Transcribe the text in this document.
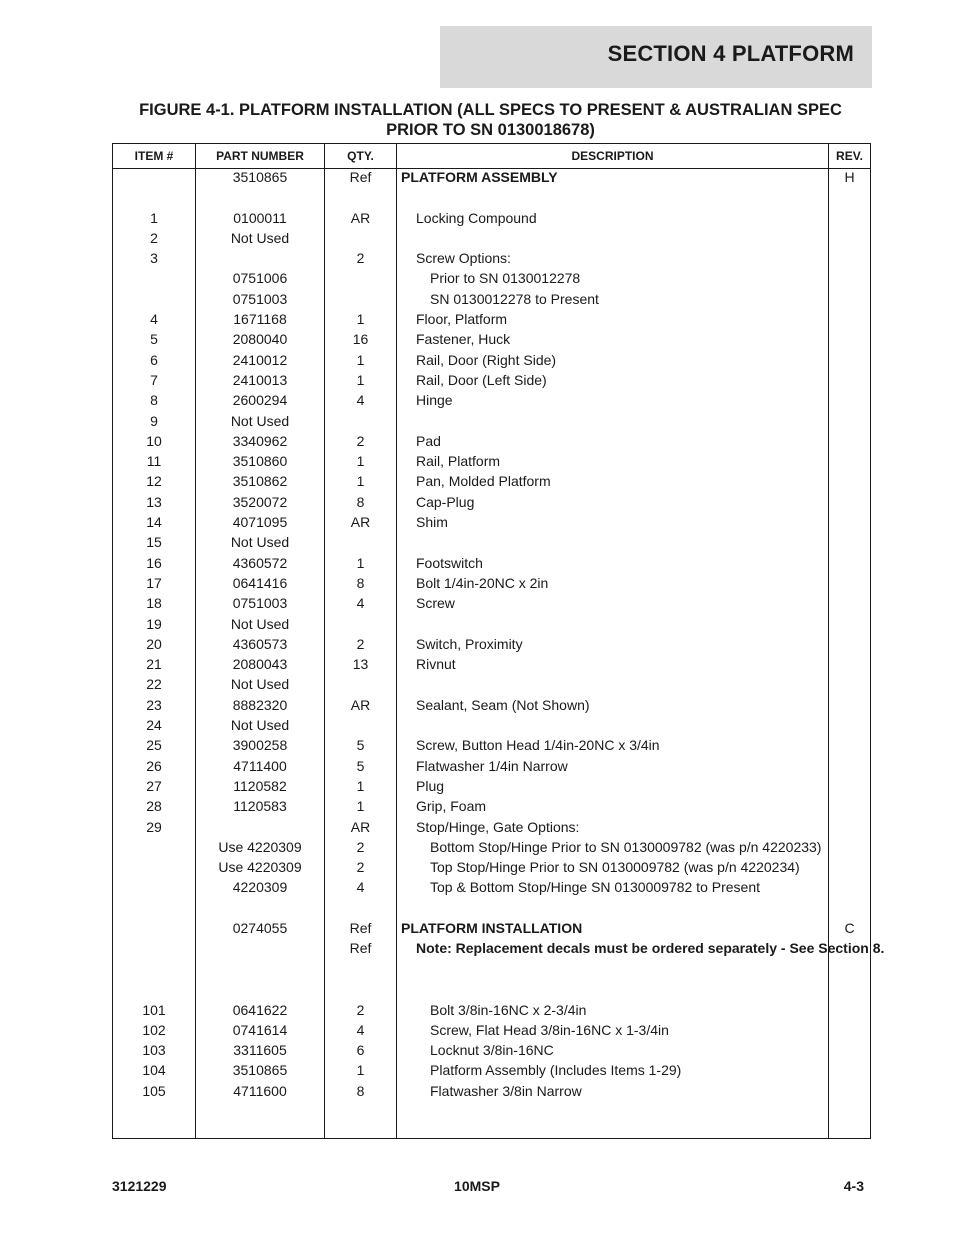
SECTION 4 PLATFORM
FIGURE 4-1. PLATFORM INSTALLATION (ALL SPECS TO PRESENT & AUSTRALIAN SPEC PRIOR TO SN 0130018678)
ITEM #	PART NUMBER	QTY.	DESCRIPTION	REV.
	3510865	Ref	PLATFORM ASSEMBLY	H

1	0100011	AR	Locking Compound	
2	Not Used			
3		2	Screw Options:	
	0751006		Prior to SN 0130012278	
	0751003		SN 0130012278 to Present	
4	1671168	1	Floor, Platform	
5	2080040	16	Fastener, Huck	
6	2410012	1	Rail, Door (Right Side)	
7	2410013	1	Rail, Door (Left Side)	
8	2600294	4	Hinge	
9	Not Used			
10	3340962	2	Pad	
11	3510860	1	Rail, Platform	
12	3510862	1	Pan, Molded Platform	
13	3520072	8	Cap-Plug	
14	4071095	AR	Shim	
15	Not Used			
16	4360572	1	Footswitch	
17	0641416	8	Bolt 1/4in-20NC x 2in	
18	0751003	4	Screw	
19	Not Used			
20	4360573	2	Switch, Proximity	
21	2080043	13	Rivnut	
22	Not Used			
23	8882320	AR	Sealant, Seam (Not Shown)	
24	Not Used			
25	3900258	5	Screw, Button Head 1/4in-20NC x 3/4in	
26	4711400	5	Flatwasher 1/4in Narrow	
27	1120582	1	Plug	
28	1120583	1	Grip, Foam	
29		AR	Stop/Hinge, Gate Options:	
	Use 4220309	2	Bottom Stop/Hinge Prior to SN 0130009782 (was p/n 4220233)	
	Use 4220309	2	Top Stop/Hinge Prior to SN 0130009782 (was p/n 4220234)	
	4220309	4	Top & Bottom Stop/Hinge SN 0130009782 to Present	

	0274055	Ref	PLATFORM INSTALLATION	C
		Ref	Note: Replacement decals must be ordered separately - See Section 8.	

101	0641622	2	Bolt 3/8in-16NC x 2-3/4in	
102	0741614	4	Screw, Flat Head 3/8in-16NC x 1-3/4in	
103	3311605	6	Locknut 3/8in-16NC	
104	3510865	1	Platform Assembly (Includes Items 1-29)	
105	4711600	8	Flatwasher 3/8in Narrow	

3121229	10MSP	4-3
